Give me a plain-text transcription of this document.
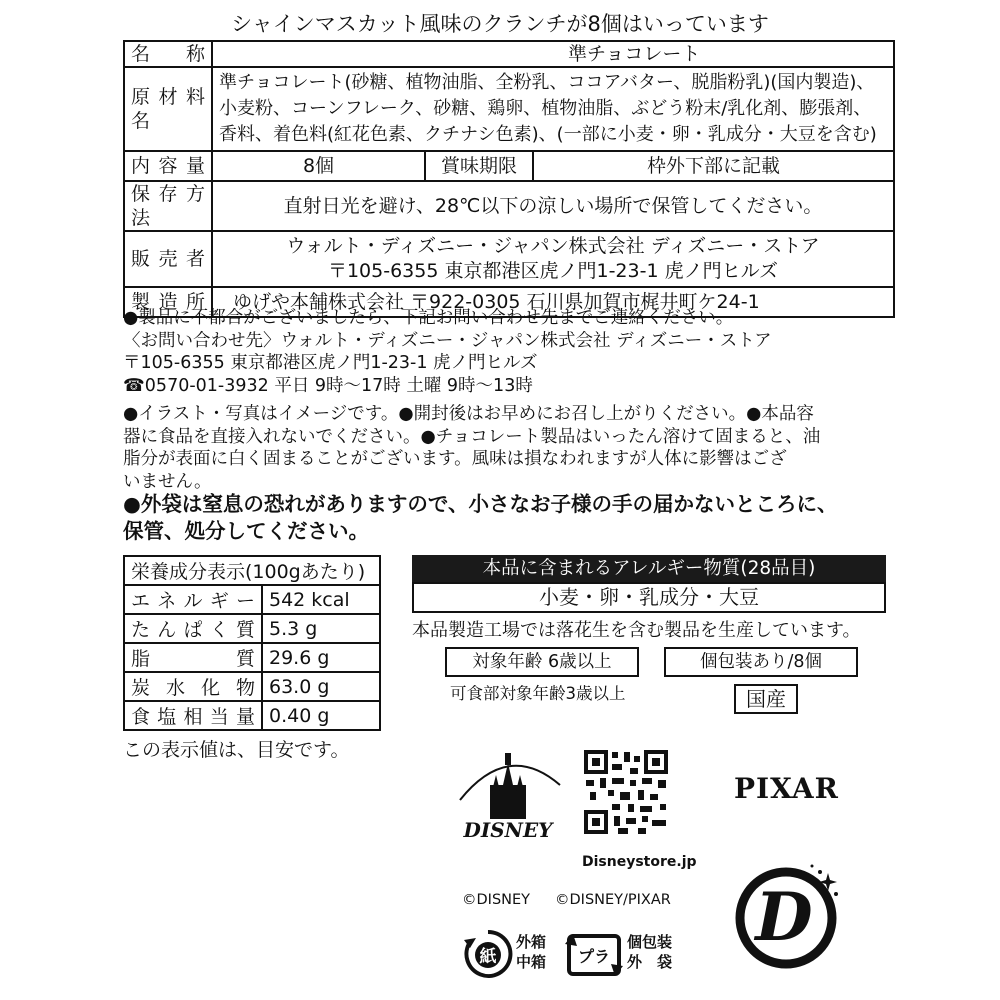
シャインマスカット風味のクランチが8個はいっています
名称	準チョコレート		
原材料名	準チョコレート(砂糖、植物油脂、全粉乳、ココアバター、脱脂粉乳)(国内製造)、
小麦粉、コーンフレーク、砂糖、鶏卵、植物油脂、ぶどう粉末/乳化剤、膨張剤、
香料、着色料(紅花色素、クチナシ色素)、(一部に小麦・卵・乳成分・大豆を含む)		

内容量	8個	賞味期限	枠外下部に記載
保存方法	直射日光を避け、28℃以下の涼しい場所で保管してください。		
販売者	ウォルト・ディズニー・ジャパン株式会社 ディズニー・ストア
〒105-6355 東京都港区虎ノ門1-23-1 虎ノ門ヒルズ		

製造所	ゆげや本舗株式会社 〒922-0305 石川県加賀市梶井町ケ24-1		
●製品に不都合がございましたら、下記お問い合わせ先までご連絡ください。
〈お問い合わせ先〉ウォルト・ディズニー・ジャパン株式会社 ディズニー・ストア
〒105-6355 東京都港区虎ノ門1-23-1 虎ノ門ヒルズ
☎0570-01-3932 平日 9時〜17時 土曜 9時〜13時
●イラスト・写真はイメージです。●開封後はお早めにお召し上がりください。●本品容
器に食品を直接入れないでください。●チョコレート製品はいったん溶けて固まると、油
脂分が表面に白く固まることがございます。風味は損なわれますが人体に影響はござ
いません。
●外袋は窒息の恐れがありますので、小さなお子様の手の届かないところに、
保管、処分してください。
栄養成分表示(100gあたり)	
エネルギー	542 kcal
たんぱく質	5.3 g
脂質	29.6 g
炭水化物	63.0 g
食塩相当量	0.40 g
この表示値は、目安です。
本品に含まれるアレルギー物質(28品目)
小麦・卵・乳成分・大豆
本品製造工場では落花生を含む製品を生産しています。
対象年齢 6歳以上
可食部対象年齢3歳以上
個包装あり/8個
国産
DISNEY
Disneystore.jp
PIXAR
D
©DISNEY ©DISNEY/PIXAR
紙
外箱
中箱 プラ
個包装
外　袋
